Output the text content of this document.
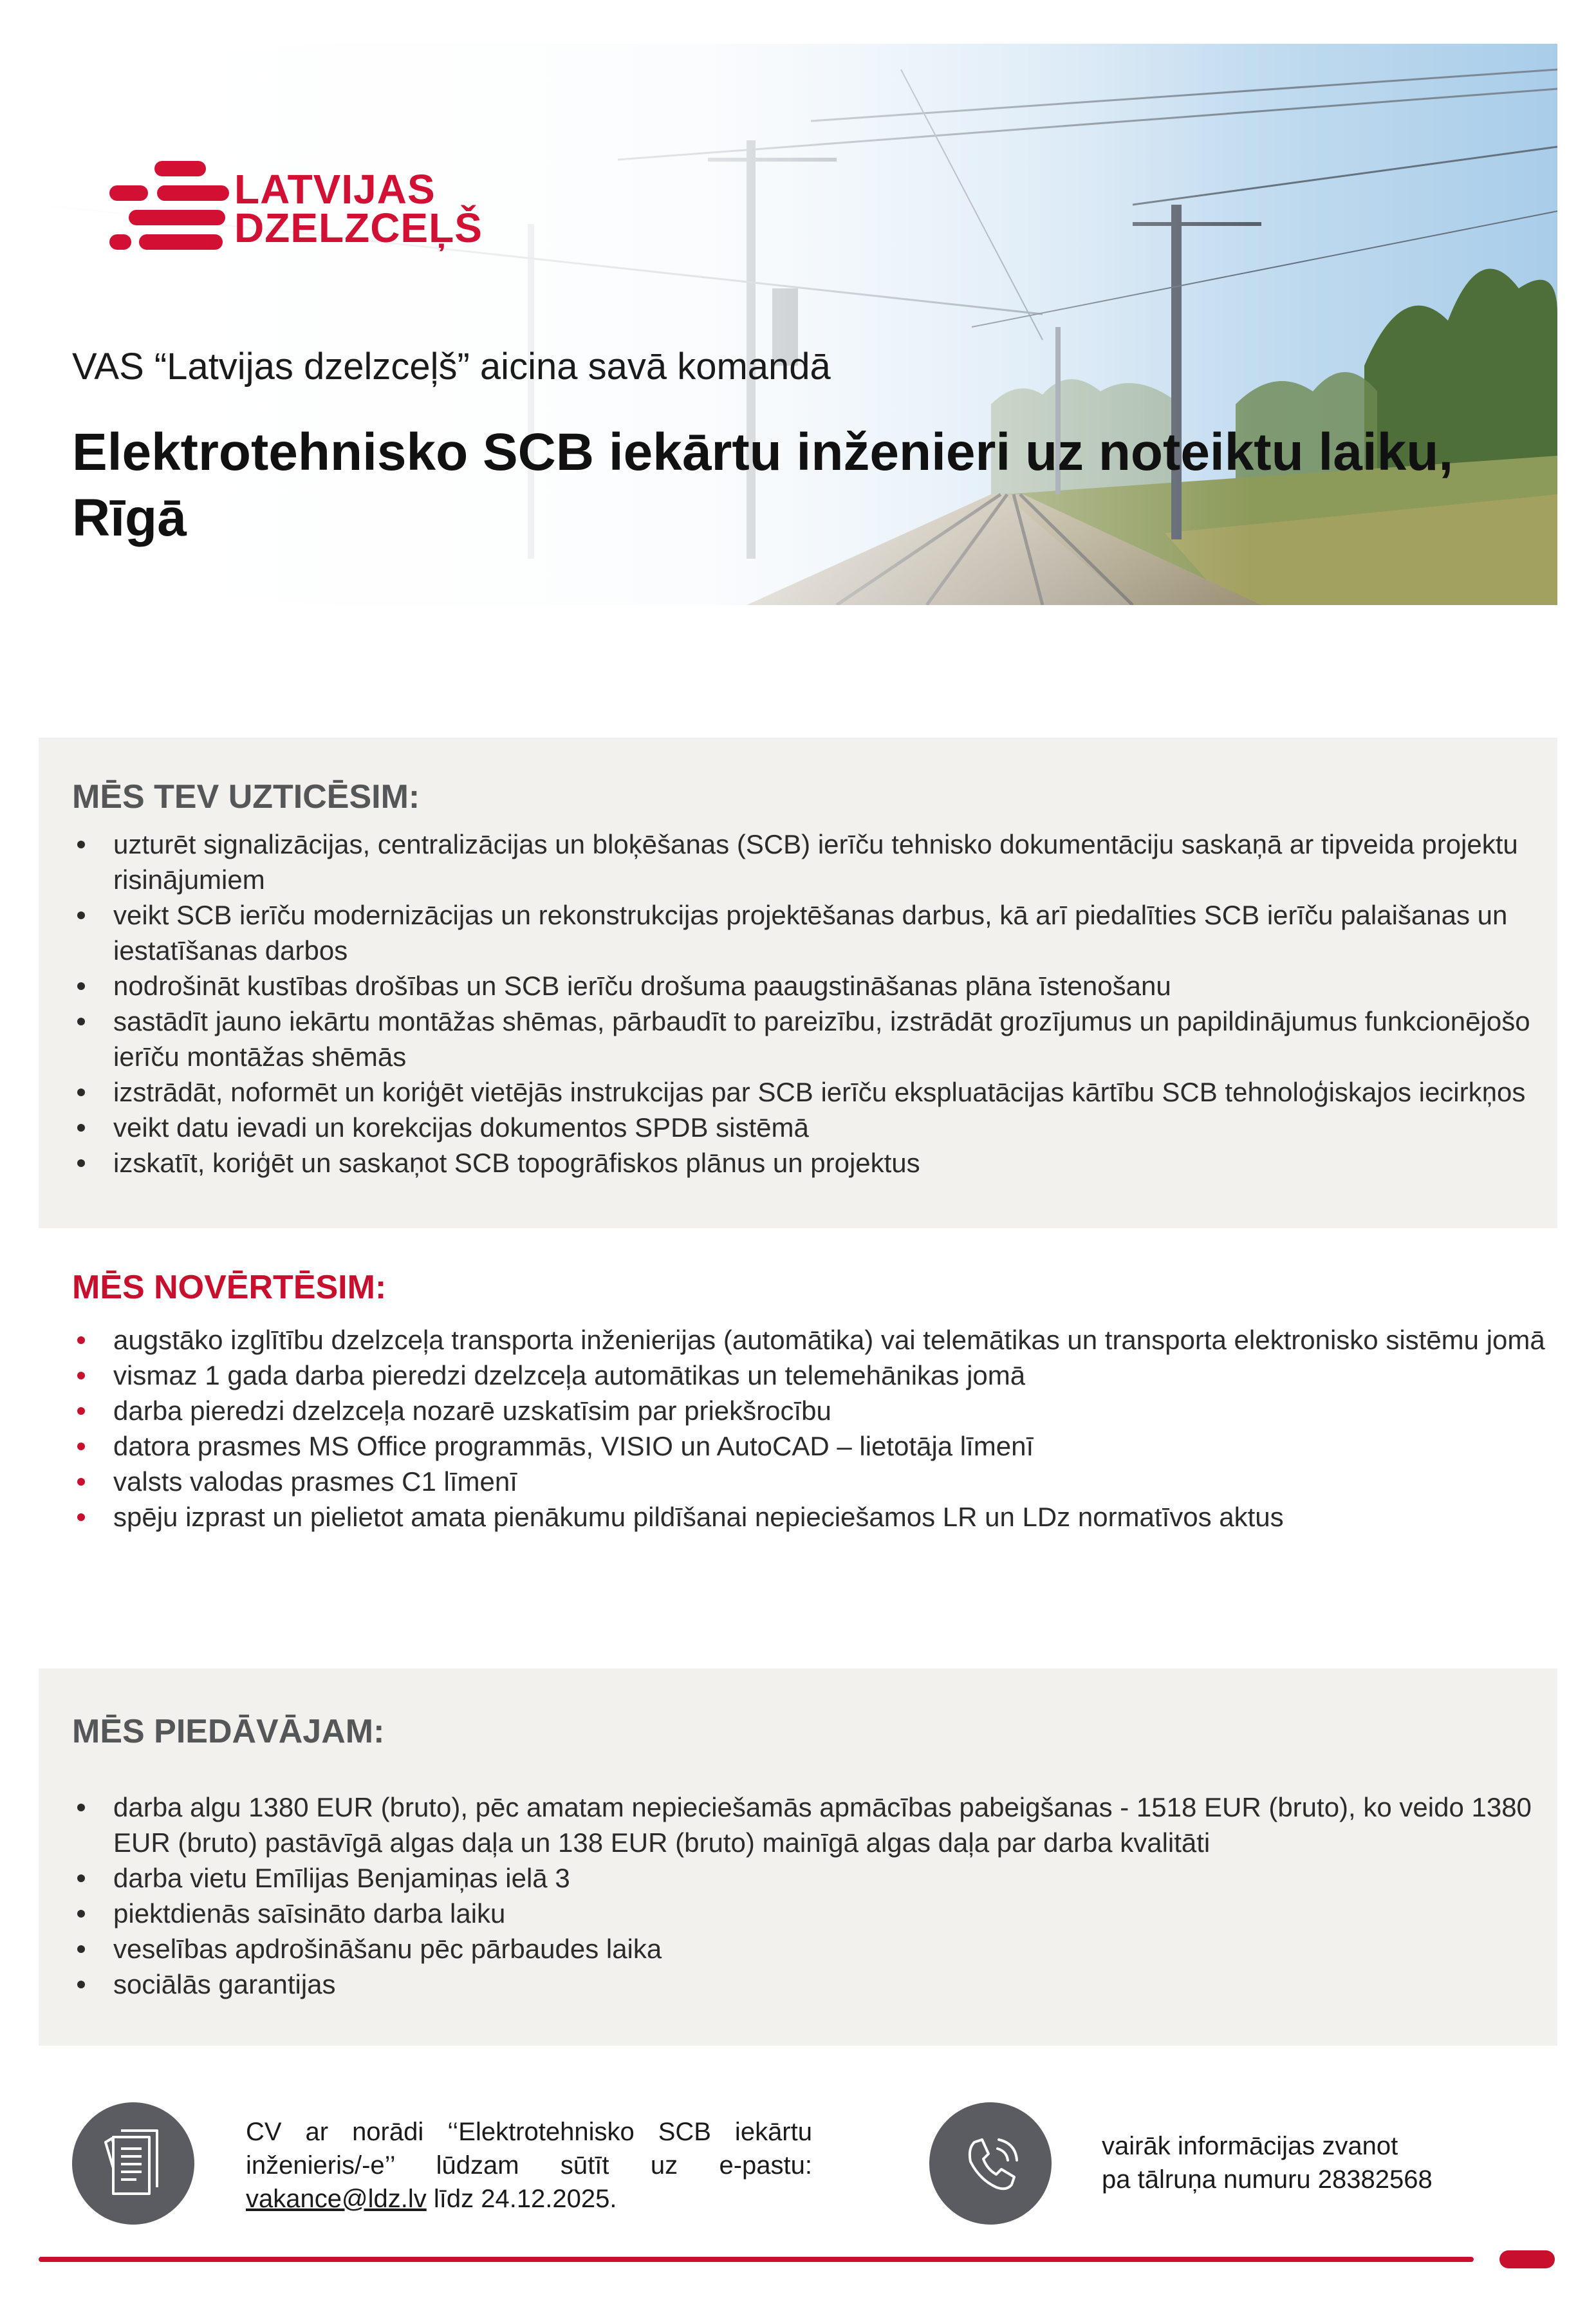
LATVIJAS
DZELZCEĻŠ

VAS “Latvijas dzelzceļš” aicina savā komandā

Elektrotehnisko SCB iekārtu inženieri uz noteiktu laiku, Rīgā
MĒS TEV UZTICĒSIM:
uzturēt signalizācijas, centralizācijas un bloķēšanas (SCB) ierīču tehnisko dokumentāciju saskaņā ar tipveida projektu risinājumiem
veikt SCB ierīču modernizācijas un rekonstrukcijas projektēšanas darbus, kā arī piedalīties SCB ierīču palaišanas un iestatīšanas darbos
nodrošināt kustības drošības un SCB ierīču drošuma paaugstināšanas plāna īstenošanu
sastādīt jauno iekārtu montāžas shēmas, pārbaudīt to pareizību, izstrādāt grozījumus un papildinājumus funkcionējošo ierīču montāžas shēmās
izstrādāt, noformēt un koriģēt vietējās instrukcijas par SCB ierīču ekspluatācijas kārtību SCB tehnoloģiskajos iecirkņos
veikt datu ievadi un korekcijas dokumentos SPDB sistēmā
izskatīt, koriģēt un saskaņot SCB topogrāfiskos plānus un projektus
MĒS NOVĒRTĒSIM:
augstāko izglītību dzelzceļa transporta inženierijas (automātika) vai telemātikas un transporta elektronisko sistēmu jomā
vismaz 1 gada darba pieredzi dzelzceļa automātikas un telemehānikas jomā
darba pieredzi dzelzceļa nozarē uzskatīsim par priekšrocību
datora prasmes MS Office programmās, VISIO un AutoCAD – lietotāja līmenī
valsts valodas prasmes C1 līmenī
spēju izprast un pielietot amata pienākumu pildīšanai nepieciešamos LR un LDz normatīvos aktus
MĒS PIEDĀVĀJAM:
darba algu 1380 EUR (bruto), pēc amatam nepieciešamās apmācības pabeigšanas - 1518 EUR (bruto), ko veido 1380 EUR (bruto) pastāvīgā algas daļa un 138 EUR (bruto) mainīgā algas daļa par darba kvalitāti
darba vietu Emīlijas Benjamiņas ielā 3
piektdienās saīsināto darba laiku
veselības apdrošināšanu pēc pārbaudes laika
sociālās garantijas

CV ar norādi ‘‘Elektrotehnisko SCB iekārtu inženieris/-e’’ lūdzam sūtīt uz e-pastu: vakance@ldz.lv līdz 24.12.2025.

vairāk informācijas zvanot
pa tālruņa numuru 28382568
